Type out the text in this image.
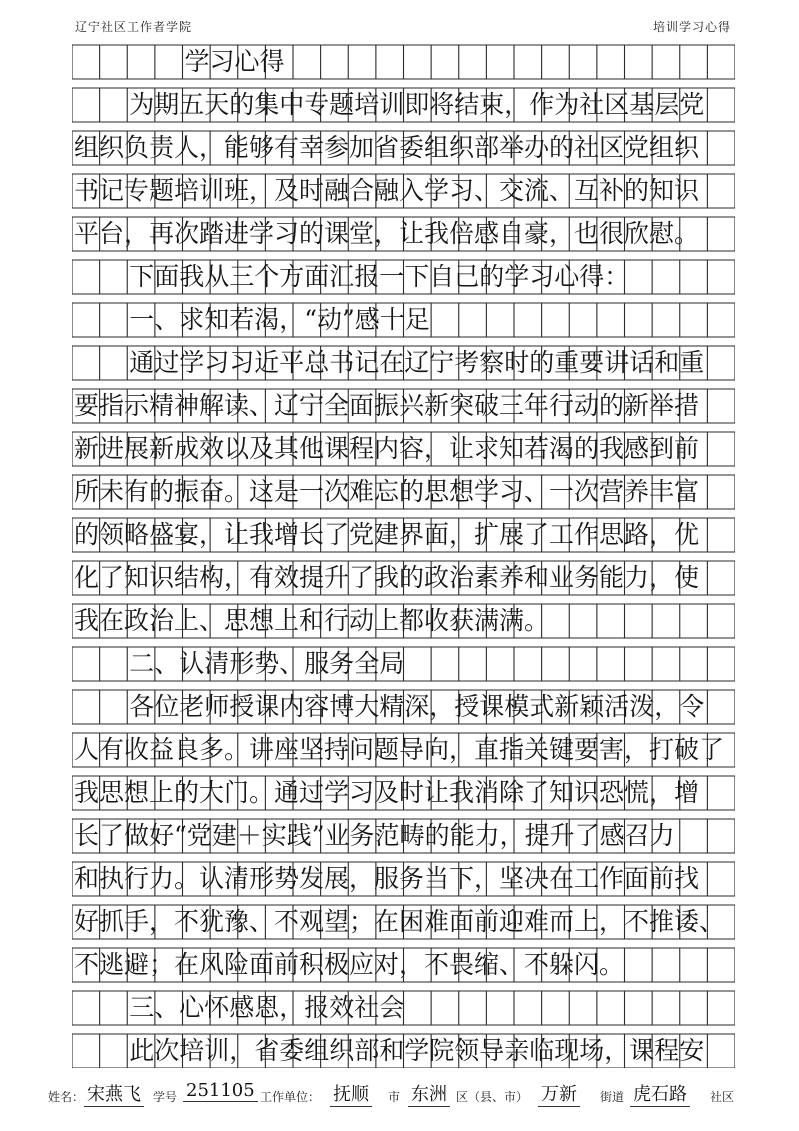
辽宁社区工作者学院	培训学习心得
学习心得
为期五天的集中专题培训即将结束，作为社区基层党
组织负责人，能够有幸参加省委组织部举办的社区党组织
书记专题培训班，及时融合融入学习、交流、互补的知识
平台，再次踏进学习的课堂，让我倍感自豪，也很欣慰。
下面我从三个方面汇报一下自己的学习心得：
一、求知若渴，“动”感十足
通过学习习近平总书记在辽宁考察时的重要讲话和重
要指示精神解读、辽宁全面振兴新突破三年行动的新举措
新进展新成效以及其他课程内容，让求知若渴的我感到前
所未有的振奋。这是一次难忘的思想学习、一次营养丰富
的领略盛宴，让我增长了党建界面，扩展了工作思路，优
化了知识结构，有效提升了我的政治素养和业务能力，使
我在政治上、思想上和行动上都收获满满。
二、认清形势、服务全局
各位老师授课内容博大精深，授课模式新颖活泼，令
人有收益良多。讲座坚持问题导向，直指关键要害，打破了
我思想上的大门。通过学习及时让我消除了知识恐慌，增
长了做好“党建＋实践”业务范畴的能力，提升了感召力
和执行力。认清形势发展，服务当下，坚决在工作面前找
好抓手，不犹豫、不观望；在困难面前迎难而上，不推诿、
不逃避；在风险面前积极应对，不畏缩、不躲闪。
三、心怀感恩，报效社会
此次培训，省委组织部和学院领导亲临现场，课程安
姓名： 宋燕飞 学号 251105 工作单位： 抚顺 市 东洲 区（县、市） 万新 街道 虎石路 社区
